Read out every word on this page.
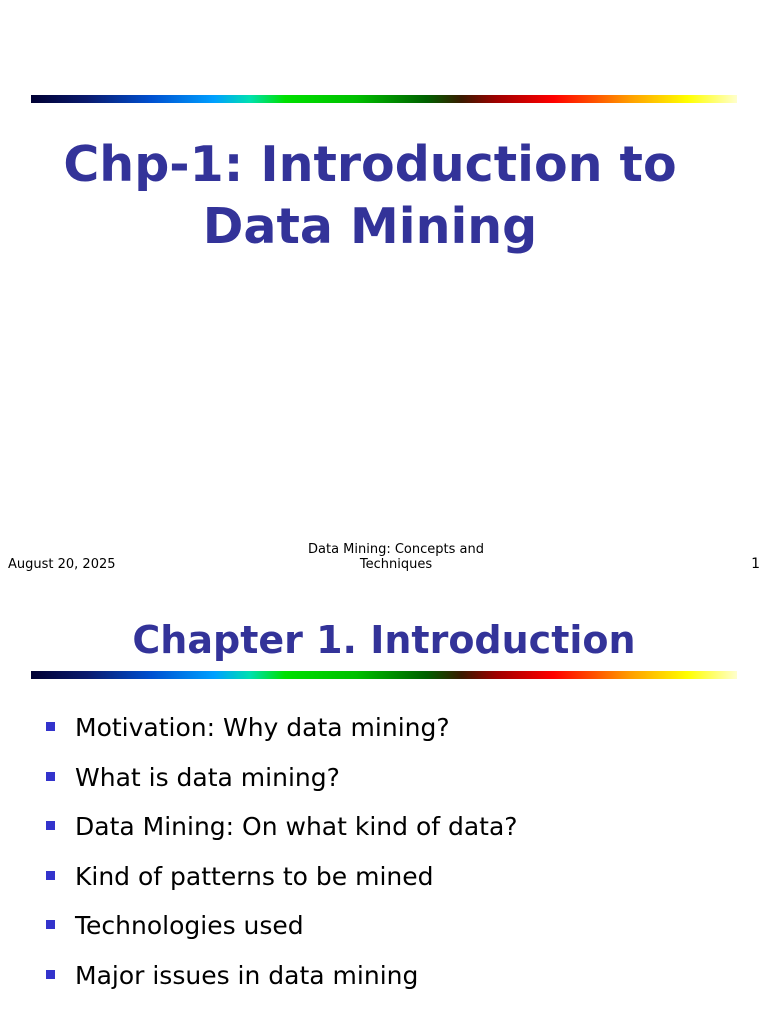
Chp-1: Introduction to
Data Mining
August 20, 2025
Data Mining: Concepts and
Techniques	1
Chapter 1. Introduction
Motivation: Why data mining?
What is data mining?
Data Mining: On what kind of data?
Kind of patterns to be mined
Technologies used
Major issues in data mining
